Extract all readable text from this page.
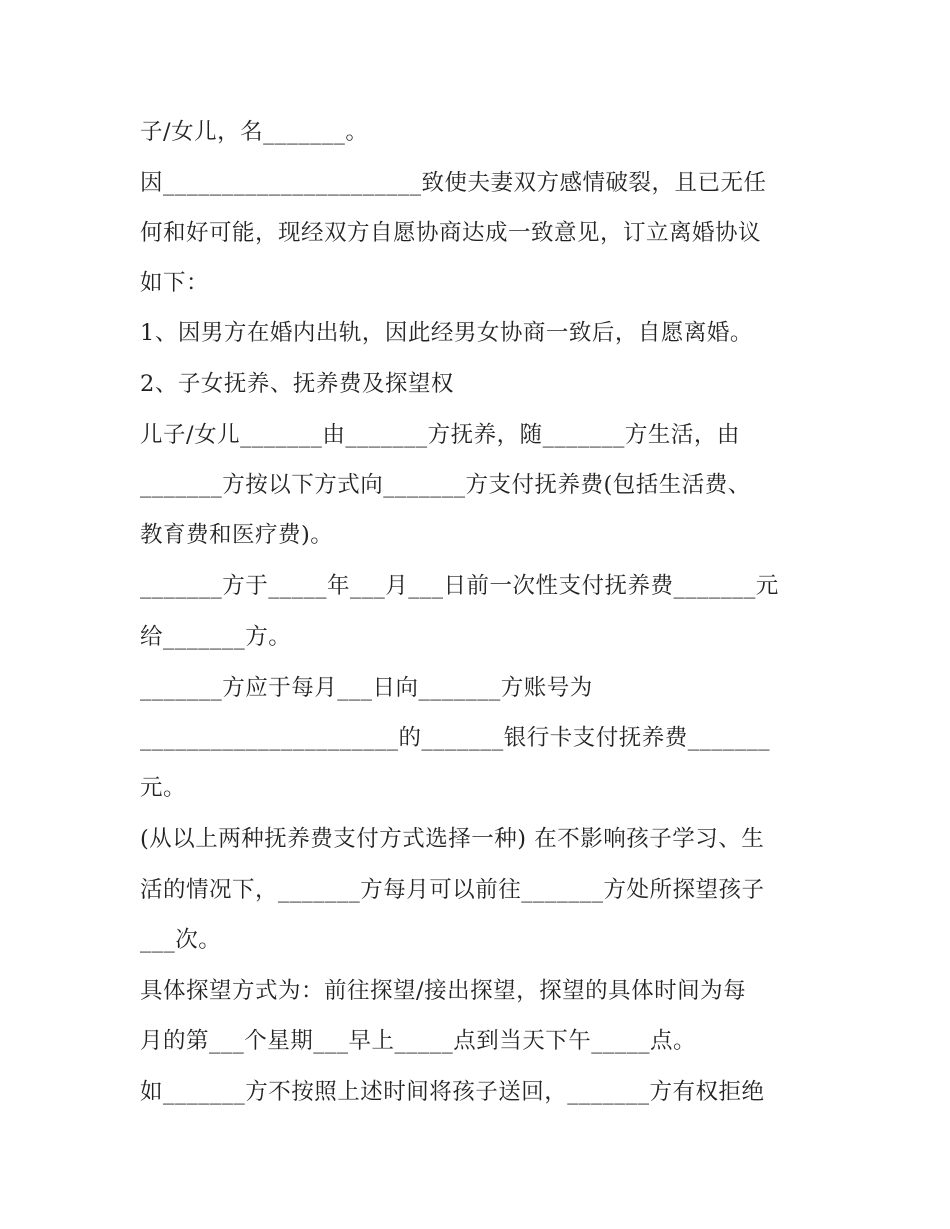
子/女儿，名_______。
因______________________致使夫妻双方感情破裂，且已无任
何和好可能，现经双方自愿协商达成一致意见，订立离婚协议
如下：
1、因男方在婚内出轨，因此经男女协商一致后，自愿离婚。
2、子女抚养、抚养费及探望权
儿子/女儿_______由_______方抚养，随_______方生活，由
_______方按以下方式向_______方支付抚养费(包括生活费、
教育费和医疗费)。
_______方于_____年___月___日前一次性支付抚养费_______元
给_______方。
_______方应于每月___日向_______方账号为
______________________的_______银行卡支付抚养费_______
元。
(从以上两种抚养费支付方式选择一种) 在不影响孩子学习、生
活的情况下，_______方每月可以前往_______方处所探望孩子
___次。
具体探望方式为：前往探望/接出探望，探望的具体时间为每
月的第___个星期___早上_____点到当天下午_____点。
如_______方不按照上述时间将孩子送回，_______方有权拒绝
